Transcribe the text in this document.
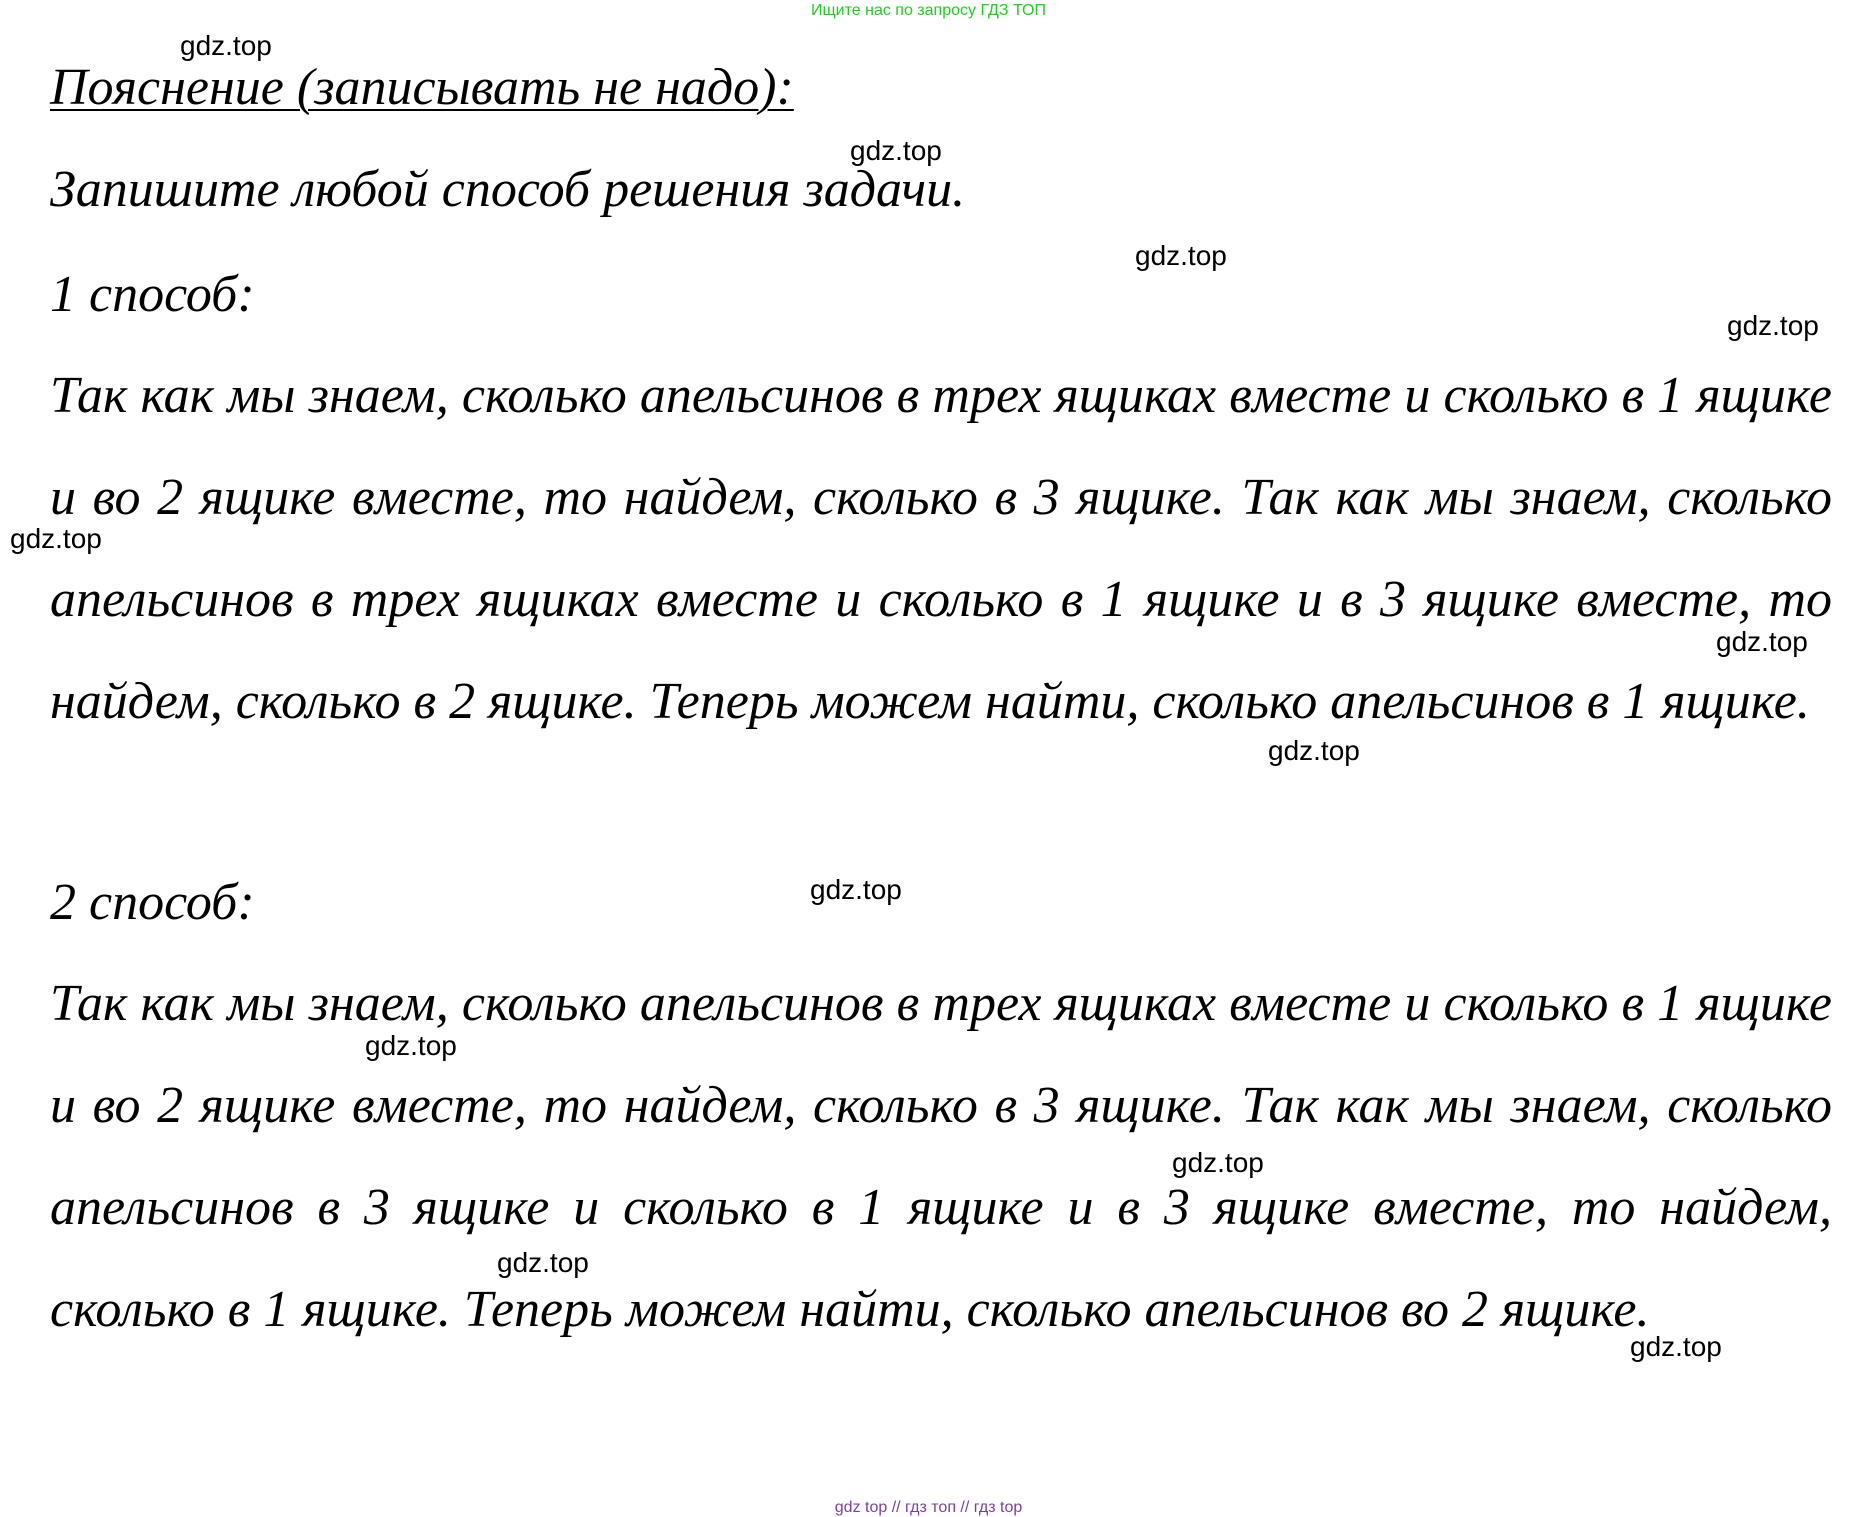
Ищите нас по запросу ГДЗ ТОП
Пояснение (записывать не надо):
Запишите любой способ решения задачи.
1 способ:
Так как мы знаем, сколько апельсинов в трех ящиках вместе и сколько в 1 ящике и во 2 ящике вместе, то найдем, сколько в 3 ящике. Так как мы знаем, сколько апельсинов в трех ящиках вместе и сколько в 1 ящике и в 3 ящике вместе, то найдем, сколько в 2 ящике. Теперь можем найти, сколько апельсинов в 1 ящике.
2 способ:
Так как мы знаем, сколько апельсинов в трех ящиках вместе и сколько в 1 ящике и во 2 ящике вместе, то найдем, сколько в 3 ящике. Так как мы знаем, сколько апельсинов в 3 ящике и сколько в 1 ящике и в 3 ящике вместе, то найдем, сколько в 1 ящике. Теперь можем найти, сколько апельсинов во 2 ящике.
gdz.top
gdz.top
gdz.top
gdz.top
gdz.top
gdz.top
gdz.top
gdz.top
gdz.top
gdz.top
gdz.top
gdz.top
gdz top // гдз топ // гдз top
